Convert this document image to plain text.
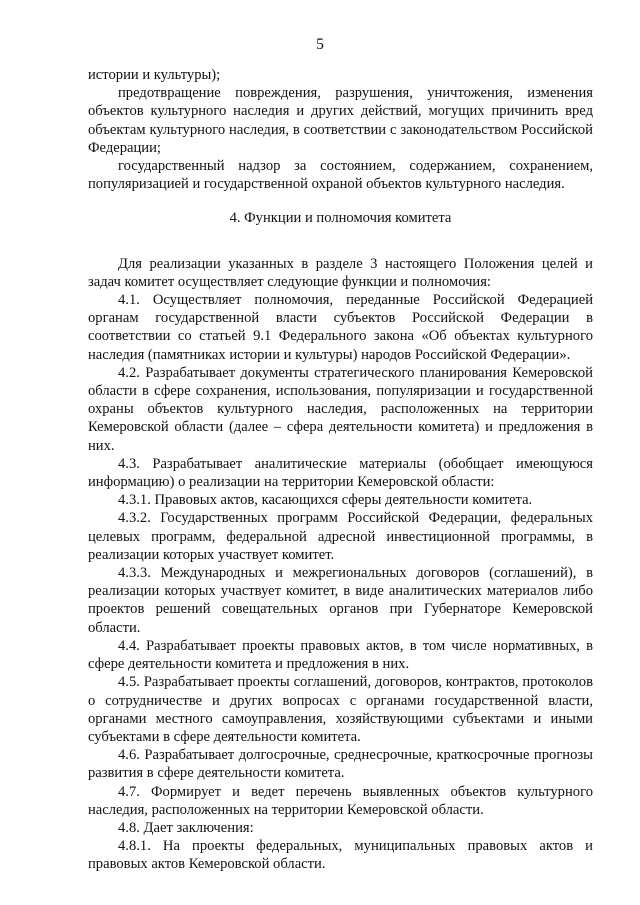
5

истории и культуры);

предотвращение повреждения, разрушения, уничтожения, изменения объектов культурного наследия и других действий, могущих причинить вред объектам культурного наследия, в соответствии с законодательством Российской Федерации;

государственный надзор за состоянием, содержанием, сохранением, популяризацией и государственной охраной объектов культурного наследия.

4. Функции и полномочия комитета

Для реализации указанных в разделе 3 настоящего Положения целей и задач комитет осуществляет следующие функции и полномочия:

4.1. Осуществляет полномочия, переданные Российской Федерацией органам государственной власти субъектов Российской Федерации в соответствии со статьей 9.1 Федерального закона «Об объектах культурного наследия (памятниках истории и культуры) народов Российской Федерации».

4.2. Разрабатывает документы стратегического планирования Кемеровской области в сфере сохранения, использования, популяризации и государственной охраны объектов культурного наследия, расположенных на территории Кемеровской области (далее – сфера деятельности комитета) и предложения в них.

4.3. Разрабатывает аналитические материалы (обобщает имеющуюся информацию) о реализации на территории Кемеровской области:

4.3.1. Правовых актов, касающихся сферы деятельности комитета.

4.3.2. Государственных программ Российской Федерации, федеральных целевых программ, федеральной адресной инвестиционной программы, в реализации которых участвует комитет.

4.3.3. Международных и межрегиональных договоров (соглашений), в реализации которых участвует комитет, в виде аналитических материалов либо проектов решений совещательных органов при Губернаторе Кемеровской области.

4.4. Разрабатывает проекты правовых актов, в том числе нормативных, в сфере деятельности комитета и предложения в них.

4.5. Разрабатывает проекты соглашений, договоров, контрактов, протоколов о сотрудничестве и других вопросах с органами государственной власти, органами местного самоуправления, хозяйствующими субъектами и иными субъектами в сфере деятельности комитета.

4.6. Разрабатывает долгосрочные, среднесрочные, краткосрочные прогнозы развития в сфере деятельности комитета.

4.7. Формирует и ведет перечень выявленных объектов культурного наследия, расположенных на территории Кемеровской области.

4.8. Дает заключения:

4.8.1. На проекты федеральных, муниципальных правовых актов и правовых актов Кемеровской области.
